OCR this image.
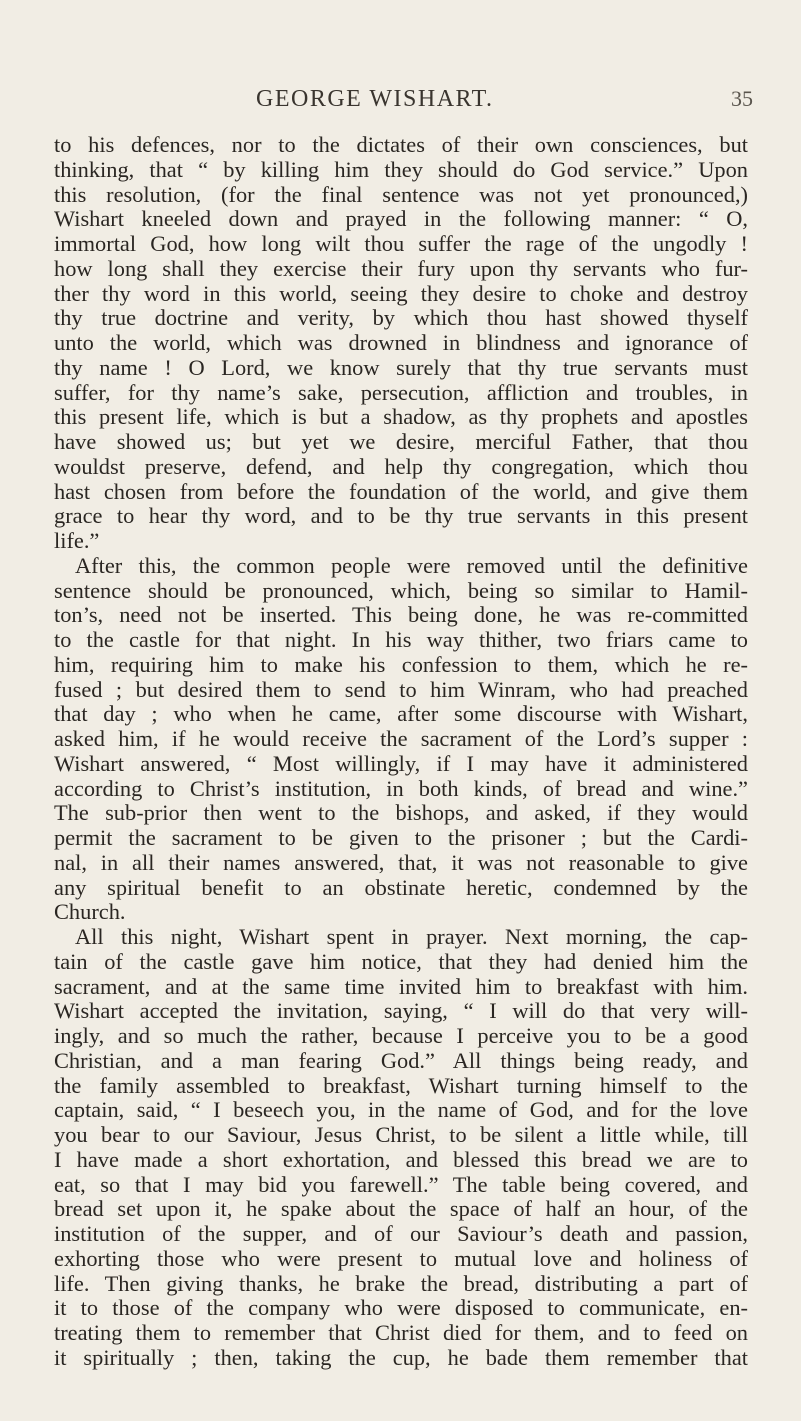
GEORGE WISHART.	35
to his defences, nor to the dictates of their own consciences, but
thinking, that “ by killing him they should do God service.” Upon
this resolution, (for the final sentence was not yet pronounced,)
Wishart kneeled down and prayed in the following manner: “ O,
immortal God, how long wilt thou suffer the rage of the ungodly !
how long shall they exercise their fury upon thy servants who fur-
ther thy word in this world, seeing they desire to choke and destroy
thy true doctrine and verity, by which thou hast showed thyself
unto the world, which was drowned in blindness and ignorance of
thy name ! O Lord, we know surely that thy true servants must
suffer, for thy name’s sake, persecution, affliction and troubles, in
this present life, which is but a shadow, as thy prophets and apostles
have showed us; but yet we desire, merciful Father, that thou
wouldst preserve, defend, and help thy congregation, which thou
hast chosen from before the foundation of the world, and give them
grace to hear thy word, and to be thy true servants in this present
life.”
After this, the common people were removed until the definitive
sentence should be pronounced, which, being so similar to Hamil-
ton’s, need not be inserted. This being done, he was re-committed
to the castle for that night. In his way thither, two friars came to
him, requiring him to make his confession to them, which he re-
fused ; but desired them to send to him Winram, who had preached
that day ; who when he came, after some discourse with Wishart,
asked him, if he would receive the sacrament of the Lord’s supper :
Wishart answered, “ Most willingly, if I may have it administered
according to Christ’s institution, in both kinds, of bread and wine.”
The sub-prior then went to the bishops, and asked, if they would
permit the sacrament to be given to the prisoner ; but the Cardi-
nal, in all their names answered, that, it was not reasonable to give
any spiritual benefit to an obstinate heretic, condemned by the
Church.
All this night, Wishart spent in prayer. Next morning, the cap-
tain of the castle gave him notice, that they had denied him the
sacrament, and at the same time invited him to breakfast with him.
Wishart accepted the invitation, saying, “ I will do that very will-
ingly, and so much the rather, because I perceive you to be a good
Christian, and a man fearing God.” All things being ready, and
the family assembled to breakfast, Wishart turning himself to the
captain, said, “ I beseech you, in the name of God, and for the love
you bear to our Saviour, Jesus Christ, to be silent a little while, till
I have made a short exhortation, and blessed this bread we are to
eat, so that I may bid you farewell.” The table being covered, and
bread set upon it, he spake about the space of half an hour, of the
institution of the supper, and of our Saviour’s death and passion,
exhorting those who were present to mutual love and holiness of
life. Then giving thanks, he brake the bread, distributing a part of
it to those of the company who were disposed to communicate, en-
treating them to remember that Christ died for them, and to feed on
it spiritually ; then, taking the cup, he bade them remember that
